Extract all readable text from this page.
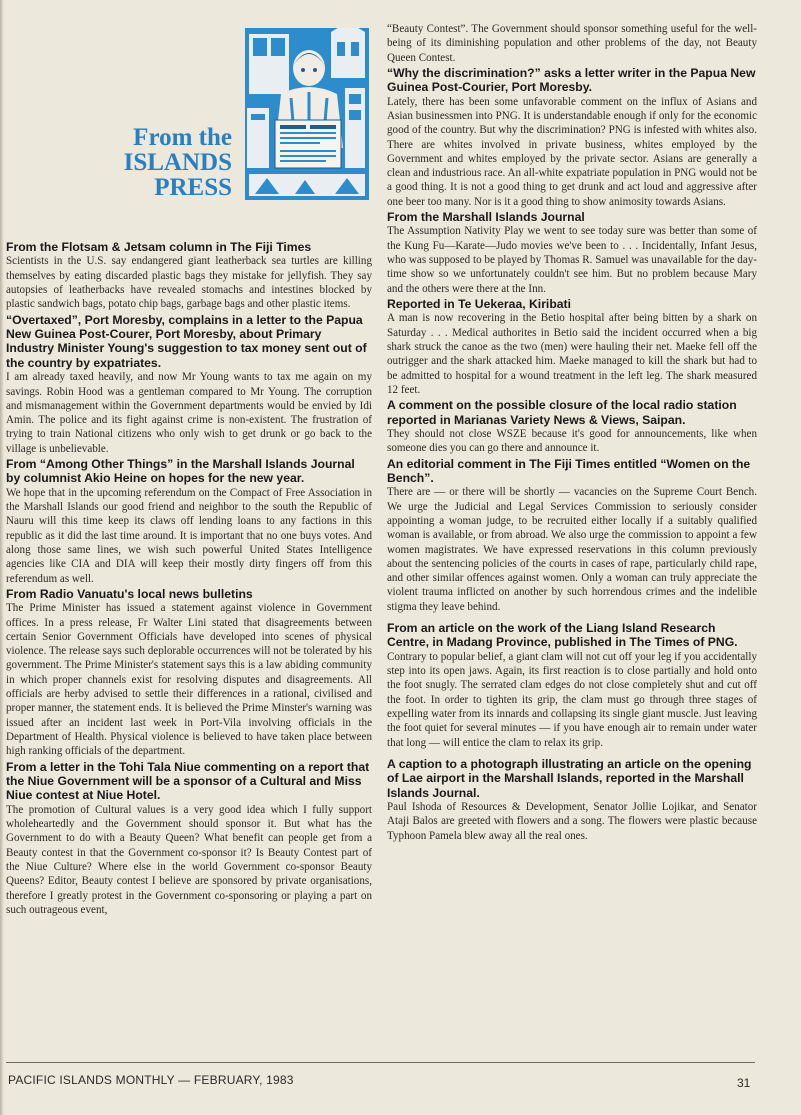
From the
ISLANDS
PRESS

From the Flotsam & Jetsam column in The Fiji Times

Scientists in the U.S. say endangered giant leatherback sea turtles are killing themselves by eating discarded plastic bags they mistake for jellyfish. They say autopsies of leatherbacks have revealed stomachs and intestines blocked by plastic sandwich bags, potato chip bags, garbage bags and other plastic items.

“Overtaxed”, Port Moresby, complains in a letter to the Papua New Guinea Post-Courer, Port Moresby, about Primary Industry Minister Young's suggestion to tax money sent out of the country by expatriates.

I am already taxed heavily, and now Mr Young wants to tax me again on my savings. Robin Hood was a gentleman compared to Mr Young. The corruption and mismanagement within the Government departments would be envied by Idi Amin. The police and its fight against crime is non-existent. The frustration of trying to train National citizens who only wish to get drunk or go back to the village is unbelievable.

From “Among Other Things” in the Marshall Islands Journal by columnist Akio Heine on hopes for the new year.

We hope that in the upcoming referendum on the Compact of Free Association in the Marshall Islands our good friend and neighbor to the south the Republic of Nauru will this time keep its claws off lending loans to any factions in this republic as it did the last time around. It is important that no one buys votes. And along those same lines, we wish such powerful United States Intelligence agencies like CIA and DIA will keep their mostly dirty fingers off from this referendum as well.

From Radio Vanuatu's local news bulletins

The Prime Minister has issued a statement against violence in Government offices. In a press release, Fr Walter Lini stated that disagreements between certain Senior Government Officials have developed into scenes of physical violence. The release says such deplorable occurrences will not be tolerated by his government. The Prime Minister's statement says this is a law abiding community in which proper channels exist for resolving disputes and disagreements. All officials are herby advised to settle their differences in a rational, civilised and proper manner, the statement ends. It is believed the Prime Minster's warning was issued after an incident last week in Port-Vila involving officials in the Department of Health. Physical violence is believed to have taken place between high ranking officials of the department.

From a letter in the Tohi Tala Niue commenting on a report that the Niue Government will be a sponsor of a Cultural and Miss Niue contest at Niue Hotel.

The promotion of Cultural values is a very good idea which I fully support wholeheartedly and the Government should sponsor it. But what has the Government to do with a Beauty Queen? What benefit can people get from a Beauty contest in that the Government co-sponsor it? Is Beauty Contest part of the Niue Culture? Where else in the world Government co-sponsor Beauty Queens? Editor, Beauty contest I believe are sponsored by private organisations, therefore I greatly protest in the Government co-sponsoring or playing a part on such outrageous event,

“Beauty Contest”. The Government should sponsor something useful for the well-being of its diminishing population and other problems of the day, not Beauty Queen Contest.

“Why the discrimination?” asks a letter writer in the Papua New Guinea Post-Courier, Port Moresby.

Lately, there has been some unfavorable comment on the influx of Asians and Asian businessmen into PNG. It is understandable enough if only for the economic good of the country. But why the discrimination? PNG is infested with whites also. There are whites involved in private business, whites employed by the Government and whites employed by the private sector. Asians are generally a clean and industrious race. An all-white expatriate population in PNG would not be a good thing. It is not a good thing to get drunk and act loud and aggressive after one beer too many. Nor is it a good thing to show animosity towards Asians.

From the Marshall Islands Journal

The Assumption Nativity Play we went to see today sure was better than some of the Kung Fu—Karate—Judo movies we've been to . . . Incidentally, Infant Jesus, who was supposed to be played by Thomas R. Samuel was unavailable for the day-time show so we unfortunately couldn't see him. But no problem because Mary and the others were there at the Inn.

Reported in Te Uekeraa, Kiribati

A man is now recovering in the Betio hospital after being bitten by a shark on Saturday . . . Medical authorites in Betio said the incident occurred when a big shark struck the canoe as the two (men) were hauling their net. Maeke fell off the outrigger and the shark attacked him. Maeke managed to kill the shark but had to be admitted to hospital for a wound treatment in the left leg. The shark measured 12 feet.

A comment on the possible closure of the local radio station reported in Marianas Variety News & Views, Saipan.

They should not close WSZE because it's good for announcements, like when someone dies you can go there and announce it.

An editorial comment in The Fiji Times entitled “Women on the Bench”.

There are — or there will be shortly — vacancies on the Supreme Court Bench. We urge the Judicial and Legal Services Commission to seriously consider appointing a woman judge, to be recruited either locally if a suitably qualified woman is available, or from abroad. We also urge the commission to appoint a few women magistrates. We have expressed reservations in this column previously about the sentencing policies of the courts in cases of rape, particularly child rape, and other similar offences against women. Only a woman can truly appreciate the violent trauma inflicted on another by such horrendous crimes and the indelible stigma they leave behind.

From an article on the work of the Liang Island Research Centre, in Madang Province, published in The Times of PNG.

Contrary to popular belief, a giant clam will not cut off your leg if you accidentally step into its open jaws. Again, its first reaction is to close partially and hold onto the foot snugly. The serrated clam edges do not close completely shut and cut off the foot. In order to tighten its grip, the clam must go through three stages of expelling water from its innards and collapsing its single giant muscle. Just leaving the foot quiet for several minutes — if you have enough air to remain under water that long — will entice the clam to relax its grip.

A caption to a photograph illustrating an article on the opening of Lae airport in the Marshall Islands, reported in the Marshall Islands Journal.

Paul Ishoda of Resources & Development, Senator Jollie Lojikar, and Senator Ataji Balos are greeted with flowers and a song. The flowers were plastic because Typhoon Pamela blew away all the real ones.

PACIFIC ISLANDS MONTHLY — FEBRUARY, 1983	31
